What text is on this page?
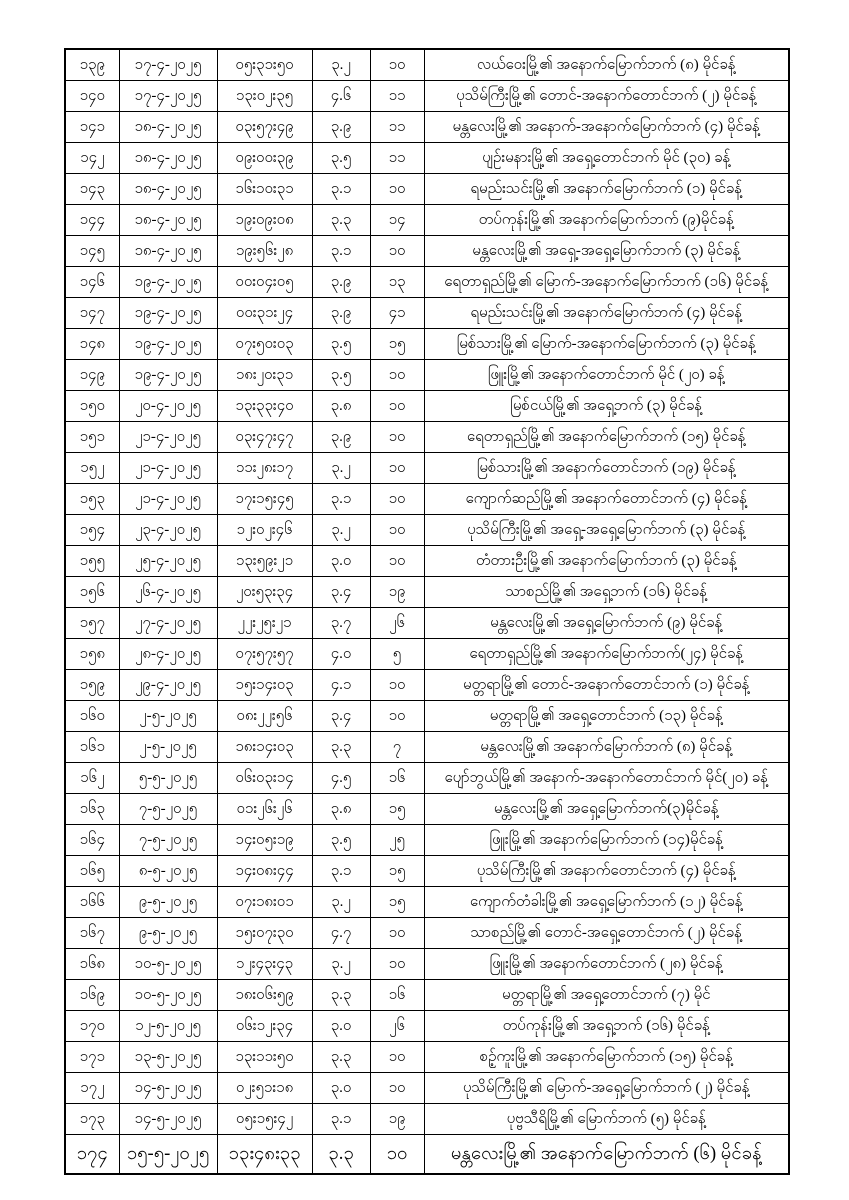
၁၃၉	၁၇-၄-၂၀၂၅	၀၅း၃၁း၅၀	၃.၂	၁၀	လယ်ဝေးမြို့၏ အနောက်မြောက်ဘက် (၈) မိုင်ခန့်
၁၄၀	၁၇-၄-၂၀၂၅	၁၃း၀၂း၃၅	၄.၆	၁၁	ပုသိမ်ကြီးမြို့၏ တောင်-အနောက်တောင်ဘက် (၂) မိုင်ခန့်
၁၄၁	၁၈-၄-၂၀၂၅	၀၃း၅၇း၄၉	၃.၉	၁၁	မန္တလေးမြို့၏ အနောက်-အနောက်မြောက်ဘက် (၄) မိုင်ခန့်
၁၄၂	၁၈-၄-၂၀၂၅	၀၉း၀၀း၃၉	၃.၅	၁၁	ပျဉ်းမနားမြို့၏ အရှေ့တောင်ဘက် မိုင် (၃၀) ခန့်
၁၄၃	၁၈-၄-၂၀၂၅	၁၆း၁၀း၃၁	၃.၁	၁၀	ရမည်းသင်းမြို့၏ အနောက်မြောက်ဘက် (၁) မိုင်ခန့်
၁၄၄	၁၈-၄-၂၀၂၅	၁၉း၀၉း၀၈	၃.၃	၁၄	တပ်ကုန်းမြို့၏ အနောက်မြောက်ဘက် (၉)မိုင်ခန့်
၁၄၅	၁၈-၄-၂၀၂၅	၁၉း၅၆း၂၈	၃.၁	၁၀	မန္တလေးမြို့၏ အရှေ့-အရှေ့မြောက်ဘက် (၃) မိုင်ခန့်
၁၄၆	၁၉-၄-၂၀၂၅	၀၀း၀၄း၀၅	၃.၉	၁၃	ရေတာရှည်မြို့၏ မြောက်-အနောက်မြောက်ဘက် (၁၆) မိုင်ခန့်
၁၄၇	၁၉-၄-၂၀၂၅	၀၀း၃၁း၂၄	၃.၉	၄၁	ရမည်းသင်းမြို့၏ အနောက်မြောက်ဘက် (၄) မိုင်ခန့်
၁၄၈	၁၉-၄-၂၀၂၅	၀၇း၅၀း၀၃	၃.၅	၁၅	မြစ်သားမြို့၏ မြောက်-အနောက်မြောက်ဘက် (၃) မိုင်ခန့်
၁၄၉	၁၉-၄-၂၀၂၅	၁၈း၂၀း၃၁	၃.၅	၁၀	ဖြူးမြို့၏ အနောက်တောင်ဘက် မိုင် (၂၀) ခန့်
၁၅၀	၂၀-၄-၂၀၂၅	၁၃း၃၃း၄၀	၃.၈	၁၀	မြစ်ငယ်မြို့၏ အရှေ့ဘက် (၃) မိုင်ခန့်
၁၅၁	၂၁-၄-၂၀၂၅	၀၃း၄၇း၄၇	၃.၉	၁၀	ရေတာရှည်မြို့၏ အနောက်မြောက်ဘက် (၁၅) မိုင်ခန့်
၁၅၂	၂၁-၄-၂၀၂၅	၁၁း၂၈း၁၇	၃.၂	၁၀	မြစ်သားမြို့၏ အနောက်တောင်ဘက် (၁၉) မိုင်ခန့်
၁၅၃	၂၁-၄-၂၀၂၅	၁၇း၁၅း၄၅	၃.၁	၁၀	ကျောက်ဆည်မြို့၏ အနောက်တောင်ဘက် (၄) မိုင်ခန့်
၁၅၄	၂၃-၄-၂၀၂၅	၁၂း၀၂း၄၆	၃.၂	၁၀	ပုသိမ်ကြီးမြို့၏ အရှေ့-အရှေ့မြောက်ဘက် (၃) မိုင်ခန့်
၁၅၅	၂၅-၄-၂၀၂၅	၁၃း၅၉း၂၁	၃.၀	၁၀	တံတားဦးမြို့၏ အနောက်မြောက်ဘက် (၃) မိုင်ခန့်
၁၅၆	၂၆-၄-၂၀၂၅	၂၀း၅၃း၃၄	၃.၄	၁၉	သာစည်မြို့၏ အရှေ့ဘက် (၁၆) မိုင်ခန့်
၁၅၇	၂၇-၄-၂၀၂၅	၂၂း၂၅း၂၁	၃.၇	၂၆	မန္တလေးမြို့၏ အရှေ့မြောက်ဘက် (၉) မိုင်ခန့်
၁၅၈	၂၈-၄-၂၀၂၅	၀၇း၅၇း၅၇	၄.၀	၅	ရေတာရှည်မြို့၏ အနောက်မြောက်ဘက်(၂၄) မိုင်ခန့်
၁၅၉	၂၉-၄-၂၀၂၅	၁၅း၁၄း၀၃	၄.၁	၁၀	မတ္တရာမြို့၏ တောင်-အနောက်တောင်ဘက် (၁) မိုင်ခန့်
၁၆၀	၂-၅-၂၀၂၅	၀၈း၂၂း၅၆	၃.၄	၁၀	မတ္တရာမြို့၏ အရှေ့တောင်ဘက် (၁၃) မိုင်ခန့်
၁၆၁	၂-၅-၂၀၂၅	၁၈း၁၄း၀၃	၃.၃	၇	မန္တလေးမြို့၏ အနောက်မြောက်ဘက် (၈) မိုင်ခန့်
၁၆၂	၅-၅-၂၀၂၅	၀၆း၀၃း၁၄	၄.၅	၁၆	ပျော်ဘွယ်မြို့၏ အနောက်-အနောက်တောင်ဘက် မိုင်(၂၀) ခန့်
၁၆၃	၇-၅-၂၀၂၅	၀၁း၂၆း၂၆	၃.၈	၁၅	မန္တလေးမြို့၏ အရှေ့မြောက်ဘက်(၃)မိုင်ခန့်
၁၆၄	၇-၅-၂၀၂၅	၁၄း၀၅း၁၉	၃.၅	၂၅	ဖြူးမြို့၏ အနောက်မြောက်ဘက် (၁၄)မိုင်ခန့်
၁၆၅	၈-၅-၂၀၂၅	၁၄း၀၈း၄၄	၃.၁	၁၅	ပုသိမ်ကြီးမြို့၏ အနောက်တောင်ဘက် (၄) မိုင်ခန့်
၁၆၆	၉-၅-၂၀၂၅	၀၇း၁၈း၀၁	၃.၂	၁၅	ကျောက်တံခါးမြို့၏ အရှေ့မြောက်ဘက် (၁၂) မိုင်ခန့်
၁၆၇	၉-၅-၂၀၂၅	၁၅း၀၇း၃၀	၄.၇	၁၀	သာစည်မြို့၏ တောင်-အရှေ့တောင်ဘက် (၂) မိုင်ခန့်
၁၆၈	၁၀-၅-၂၀၂၅	၁၂း၄၃း၄၃	၃.၂	၁၀	ဖြူးမြို့၏ အနောက်တောင်ဘက် (၂၈) မိုင်ခန့်
၁၆၉	၁၀-၅-၂၀၂၅	၁၈း၀၆း၅၉	၃.၃	၁၆	မတ္တရာမြို့၏ အရှေ့တောင်ဘက် (၇) မိုင်
၁၇၀	၁၂-၅-၂၀၂၅	၀၆း၁၂း၃၄	၃.၀	၂၆	တပ်ကုန်းမြို့၏ အရှေ့ဘက် (၁၆) မိုင်ခန့်
၁၇၁	၁၃-၅-၂၀၂၅	၁၃း၁၁း၅၀	၃.၃	၁၀	စဉ့်ကူးမြို့၏ အနောက်မြောက်ဘက် (၁၅) မိုင်ခန့်
၁၇၂	၁၄-၅-၂၀၂၅	၀၂း၅၁း၁၈	၃.၀	၁၀	ပုသိမ်ကြီးမြို့၏ မြောက်-အရှေ့မြောက်ဘက် (၂) မိုင်ခန့်
၁၇၃	၁၄-၅-၂၀၂၅	၀၅း၁၅း၄၂	၃.၁	၁၉	ပုဗ္ဗသီရိမြို့၏ မြောက်ဘက် (၅) မိုင်ခန့်
၁၇၄	၁၅-၅-၂၀၂၅	၁၃း၄၈း၃၃	၃.၃	၁၀	မန္တလေးမြို့၏ အနောက်မြောက်ဘက် (၆) မိုင်ခန့်
